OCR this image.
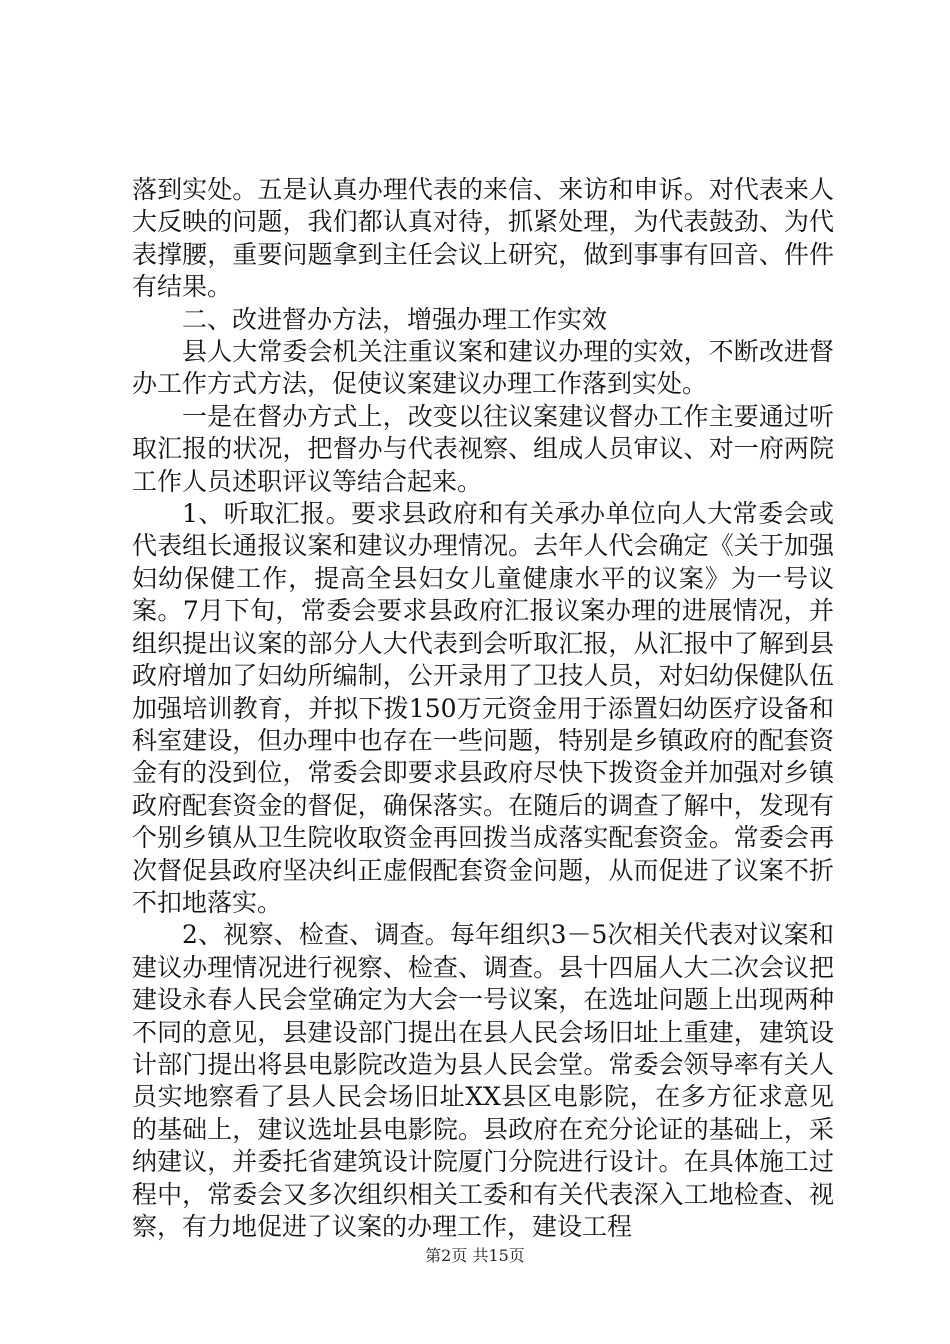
落到实处。五是认真办理代表的来信、来访和申诉。对代表来人大反映的问题，我们都认真对待，抓紧处理，为代表鼓劲、为代表撑腰，重要问题拿到主任会议上研究，做到事事有回音、件件有结果。

二、改进督办方法，增强办理工作实效

县人大常委会机关注重议案和建议办理的实效，不断改进督办工作方式方法，促使议案建议办理工作落到实处。

一是在督办方式上，改变以往议案建议督办工作主要通过听取汇报的状况，把督办与代表视察、组成人员审议、对一府两院工作人员述职评议等结合起来。

1、听取汇报。要求县政府和有关承办单位向人大常委会或代表组长通报议案和建议办理情况。去年人代会确定《关于加强妇幼保健工作，提高全县妇女儿童健康水平的议案》为一号议案。7月下旬，常委会要求县政府汇报议案办理的进展情况，并组织提出议案的部分人大代表到会听取汇报，从汇报中了解到县政府增加了妇幼所编制，公开录用了卫技人员，对妇幼保健队伍加强培训教育，并拟下拨150万元资金用于添置妇幼医疗设备和科室建设，但办理中也存在一些问题，特别是乡镇政府的配套资金有的没到位，常委会即要求县政府尽快下拨资金并加强对乡镇政府配套资金的督促，确保落实。在随后的调查了解中，发现有个别乡镇从卫生院收取资金再回拨当成落实配套资金。常委会再次督促县政府坚决纠正虚假配套资金问题，从而促进了议案不折不扣地落实。

2、视察、检查、调查。每年组织3－5次相关代表对议案和建议办理情况进行视察、检查、调查。县十四届人大二次会议把建设永春人民会堂确定为大会一号议案，在选址问题上出现两种不同的意见，县建设部门提出在县人民会场旧址上重建，建筑设计部门提出将县电影院改造为县人民会堂。常委会领导率有关人员实地察看了县人民会场旧址XX县区电影院，在多方征求意见的基础上，建议选址县电影院。县政府在充分论证的基础上，采纳建议，并委托省建筑设计院厦门分院进行设计。在具体施工过程中，常委会又多次组织相关工委和有关代表深入工地检查、视察，有力地促进了议案的办理工作，建设工程

第2页 共15页
